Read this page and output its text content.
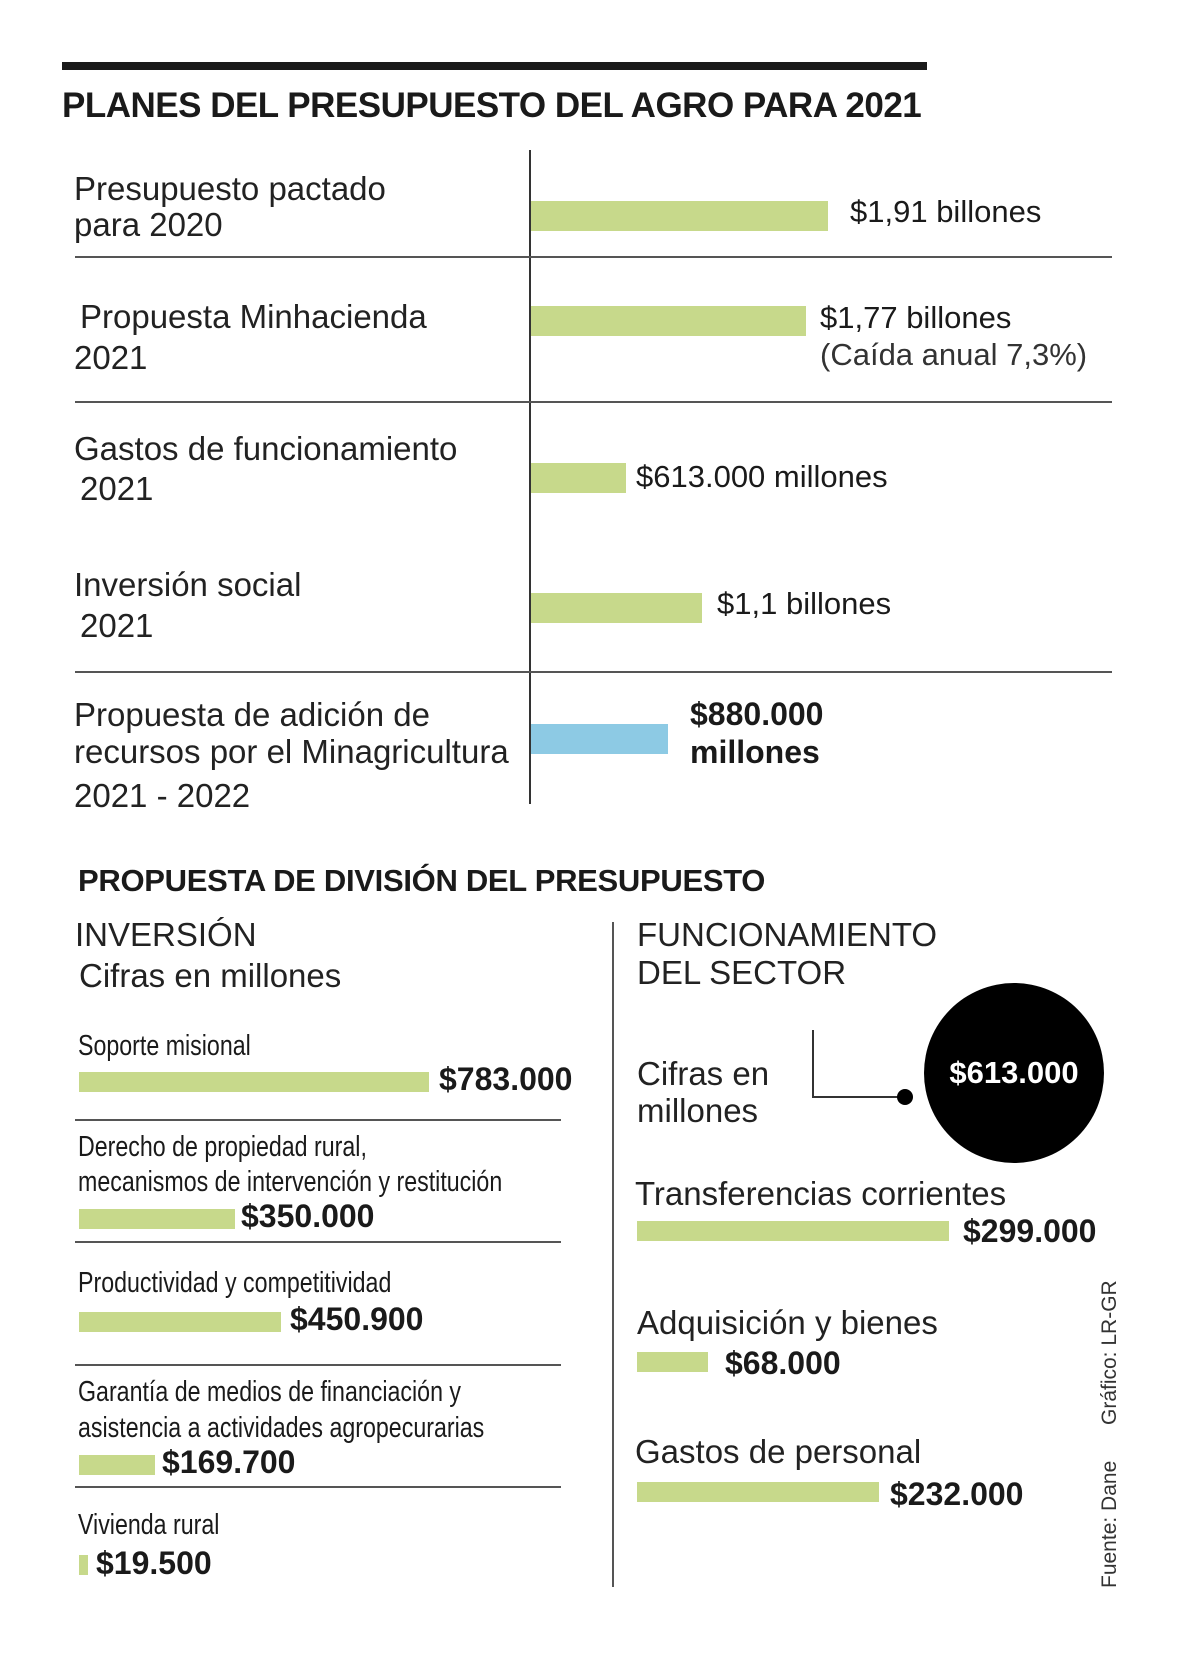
PLANES DEL PRESUPUESTO DEL AGRO PARA 2021
Presupuesto pactado
para 2020
Propuesta Minhacienda
2021
Gastos de funcionamiento
2021
Inversión social
2021
Propuesta de adición de
recursos por el Minagricultura
2021 - 2022
$1,91 billones
$1,77 billones
(Caída anual 7,3%)
$613.000 millones
$1,1 billones
$880.000
millones
PROPUESTA DE DIVISIÓN DEL PRESUPUESTO
INVERSIÓN
Cifras en millones
Soporte misional
$783.000
Derecho de propiedad rural,
mecanismos de intervención y restitución
$350.000
Productividad y competitividad
$450.900
Garantía de medios de financiación y
asistencia a actividades agropecurarias
$169.700
Vivienda rural
$19.500
FUNCIONAMIENTO
DEL SECTOR
Cifras en
millones
$613.000
Transferencias corrientes
$299.000
Adquisición y bienes
$68.000
Gastos de personal
$232.000
Gráfico: LR-GR
Fuente: Dane
